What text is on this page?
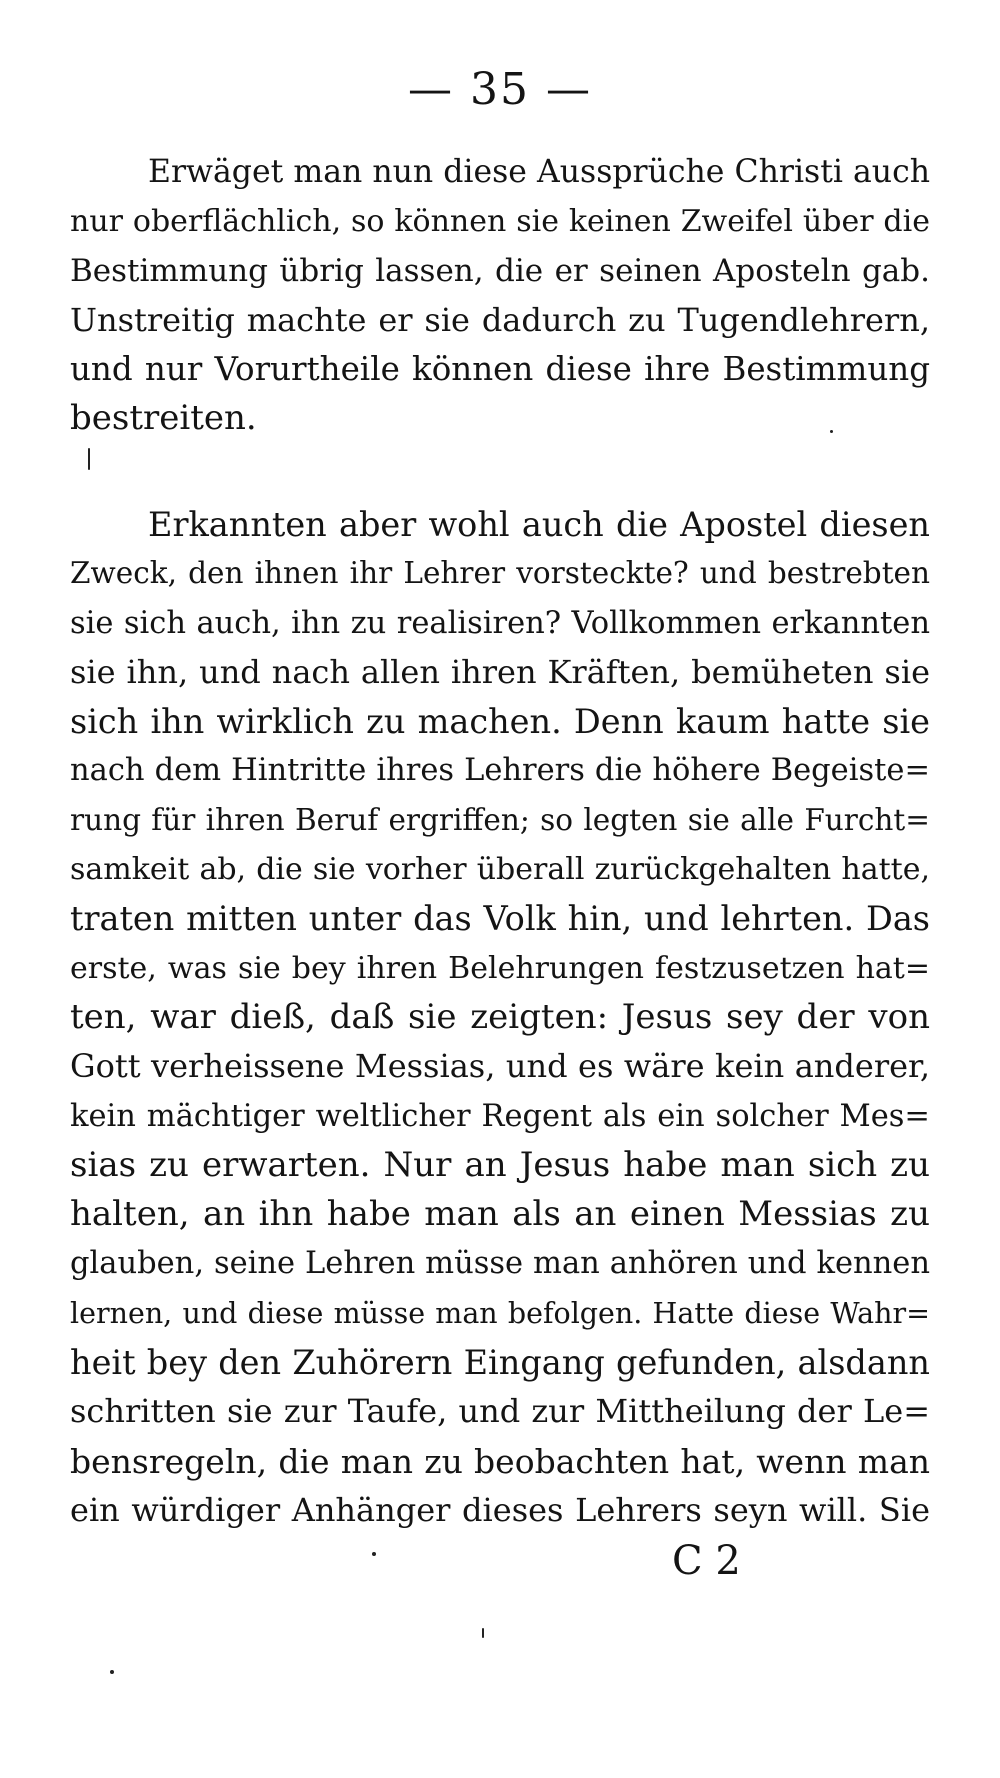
— 35 —
Erwäget man nun diese Aussprüche Christi auch
nur oberflächlich, so können sie keinen Zweifel über die
Bestimmung übrig lassen, die er seinen Aposteln gab.
Unstreitig machte er sie dadurch zu Tugendlehrern,
und nur Vorurtheile können diese ihre Bestimmung
bestreiten.
Erkannten aber wohl auch die Apostel diesen
Zweck, den ihnen ihr Lehrer vorsteckte? und bestrebten
sie sich auch, ihn zu realisiren? Vollkommen erkannten
sie ihn, und nach allen ihren Kräften, bemüheten sie
sich ihn wirklich zu machen. Denn kaum hatte sie
nach dem Hintritte ihres Lehrers die höhere Begeiste=
rung für ihren Beruf ergriffen; so legten sie alle Furcht=
samkeit ab, die sie vorher überall zurückgehalten hatte,
traten mitten unter das Volk hin, und lehrten. Das
erste, was sie bey ihren Belehrungen festzusetzen hat=
ten, war dieß, daß sie zeigten: Jesus sey der von
Gott verheissene Messias, und es wäre kein anderer,
kein mächtiger weltlicher Regent als ein solcher Mes=
sias zu erwarten. Nur an Jesus habe man sich zu
halten, an ihn habe man als an einen Messias zu
glauben, seine Lehren müsse man anhören und kennen
lernen, und diese müsse man befolgen. Hatte diese Wahr=
heit bey den Zuhörern Eingang gefunden, alsdann
schritten sie zur Taufe, und zur Mittheilung der Le=
bensregeln, die man zu beobachten hat, wenn man
ein würdiger Anhänger dieses Lehrers seyn will. Sie
C 2
